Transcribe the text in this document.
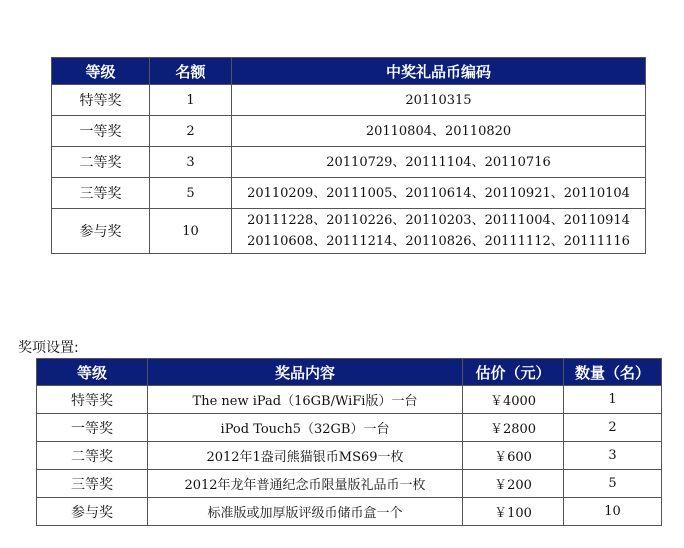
等级	名额	中奖礼品币编码
特等奖	1	20110315

一等奖	2	20110804、20110820

二等奖	3	20110729、20111104、20110716

三等奖	5	20110209、20111005、20110614、20110921、20110104

参与奖	10	20111228、20110226、20110203、20111004、20110914
20110608、20111214、20110826、20111112、20111116
奖项设置:
等级	奖品内容	估价（元）	数量（名）
特等奖	The new iPad（16GB/WiFi版）一台	￥4000	1
一等奖	iPod Touch5（32GB）一台	￥2800	2
二等奖	2012年1盎司熊猫银币MS69一枚	￥600	3
三等奖	2012年龙年普通纪念币限量版礼品币一枚	￥200	5
参与奖	标准版或加厚版评级币储币盒一个	￥100	10
